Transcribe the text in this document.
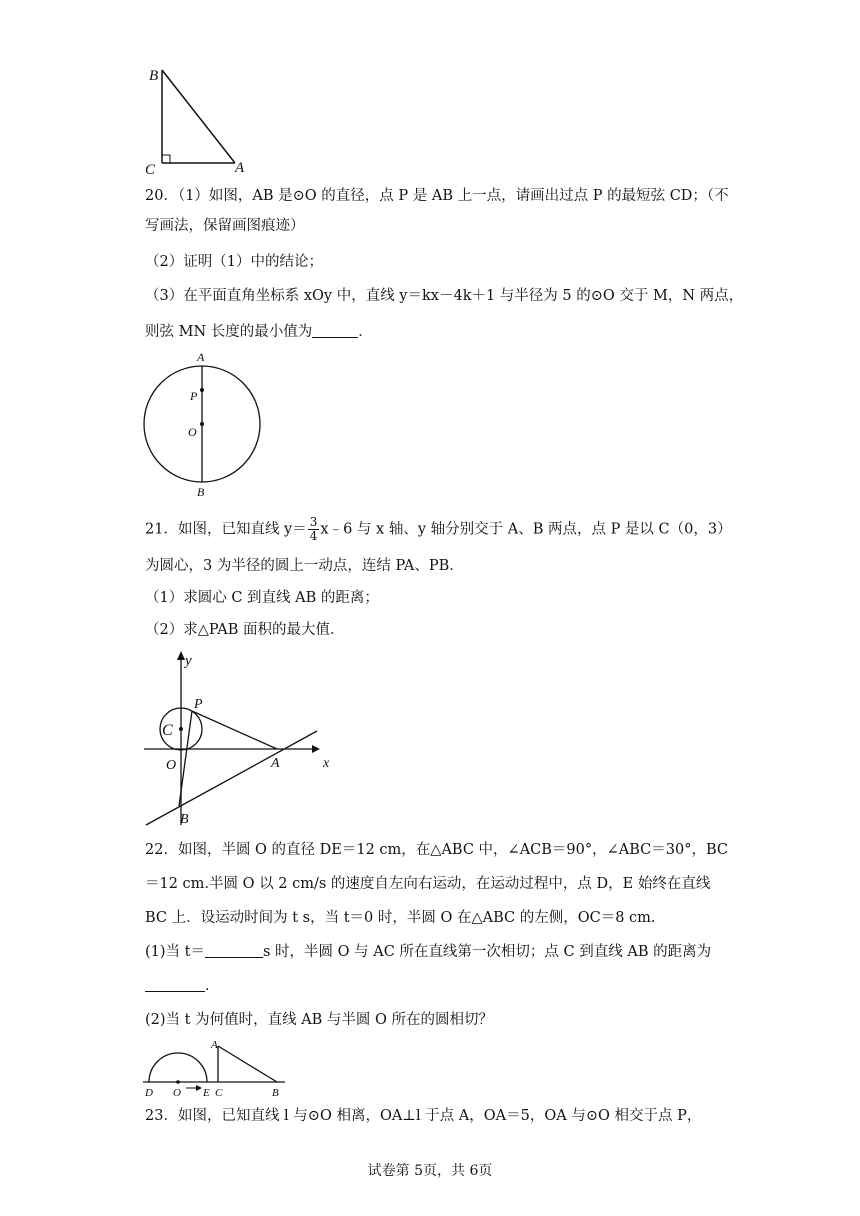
B
C	A
20．（1）如图，AB 是⊙O 的直径，点 P 是 AB 上一点，请画出过点 P 的最短弦 CD；（不
写画法，保留画图痕迹）
（2）证明（1）中的结论；
（3）在平面直角坐标系 xOy 中，直线 y＝kx－4k＋1 与半径为 5 的⊙O 交于 M，N 两点，
则弦 MN 长度的最小值为	．
A
P
O
B
21．如图，已知直线 $y= \frac{3}{4}$ x﹣6 与 x 轴、y 轴分别交于 A、B 两点，点 P 是以 C（0，3）
为圆心，3 为半径的圆上一动点，连结 PA、PB．
（1）求圆心 C 到直线 AB 的距离；
（2）求△PAB 面积的最大值．
y
x
P
C
O	A
B
22．如图，半圆 O 的直径 DE＝12 cm，在△ABC 中，∠ACB＝90°，∠ABC＝30°，BC
＝12 cm.半圆 O 以 2 cm/s 的速度自左向右运动，在运动过程中，点 D，E 始终在直线
BC 上．设运动时间为 t s，当 t＝0 时，半圆 O 在△ABC 的左侧，OC＝8 cm.
(1)当 t＝	s 时，半圆 O 与 AC 所在直线第一次相切；点 C 到直线 AB 的距离为
．
(2)当 t 为何值时，直线 AB 与半圆 O 所在的圆相切？
A
D O E C	B
23．如图，已知直线 l 与⊙O 相离，OA⊥l 于点 A，OA＝5，OA 与⊙O 相交于点 P，
试卷第 5页，共 6页
